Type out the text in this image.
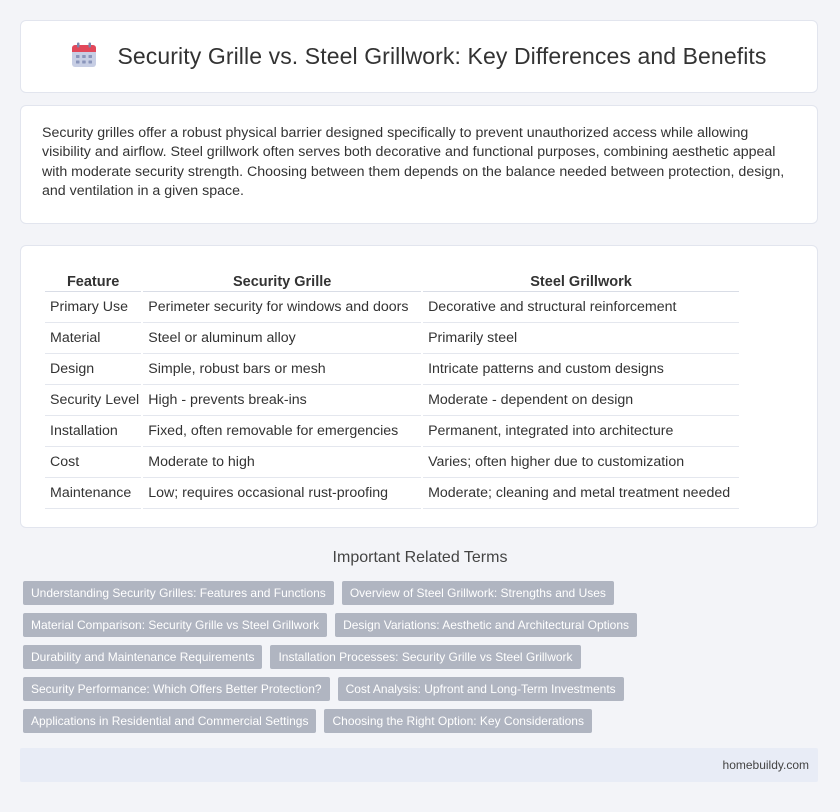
Security Grille vs. Steel Grillwork: Key Differences and Benefits

Security grilles offer a robust physical barrier designed specifically to prevent unauthorized access while allowing visibility and airflow. Steel grillwork often serves both decorative and functional purposes, combining aesthetic appeal with moderate security strength. Choosing between them depends on the balance needed between protection, design, and ventilation in a given space.

Feature	Security Grille	Steel Grillwork
Primary Use	Perimeter security for windows and doors	Decorative and structural reinforcement
Material	Steel or aluminum alloy	Primarily steel
Design	Simple, robust bars or mesh	Intricate patterns and custom designs
Security Level	High - prevents break-ins	Moderate - dependent on design
Installation	Fixed, often removable for emergencies	Permanent, integrated into architecture
Cost	Moderate to high	Varies; often higher due to customization
Maintenance	Low; requires occasional rust-proofing	Moderate; cleaning and metal treatment needed
Important Related Terms
Understanding Security Grilles: Features and Functions	Overview of Steel Grillwork: Strengths and Uses
Material Comparison: Security Grille vs Steel Grillwork	Design Variations: Aesthetic and Architectural Options
Durability and Maintenance Requirements	Installation Processes: Security Grille vs Steel Grillwork
Security Performance: Which Offers Better Protection?	Cost Analysis: Upfront and Long-Term Investments
Applications in Residential and Commercial Settings	Choosing the Right Option: Key Considerations
homebuildy.com
